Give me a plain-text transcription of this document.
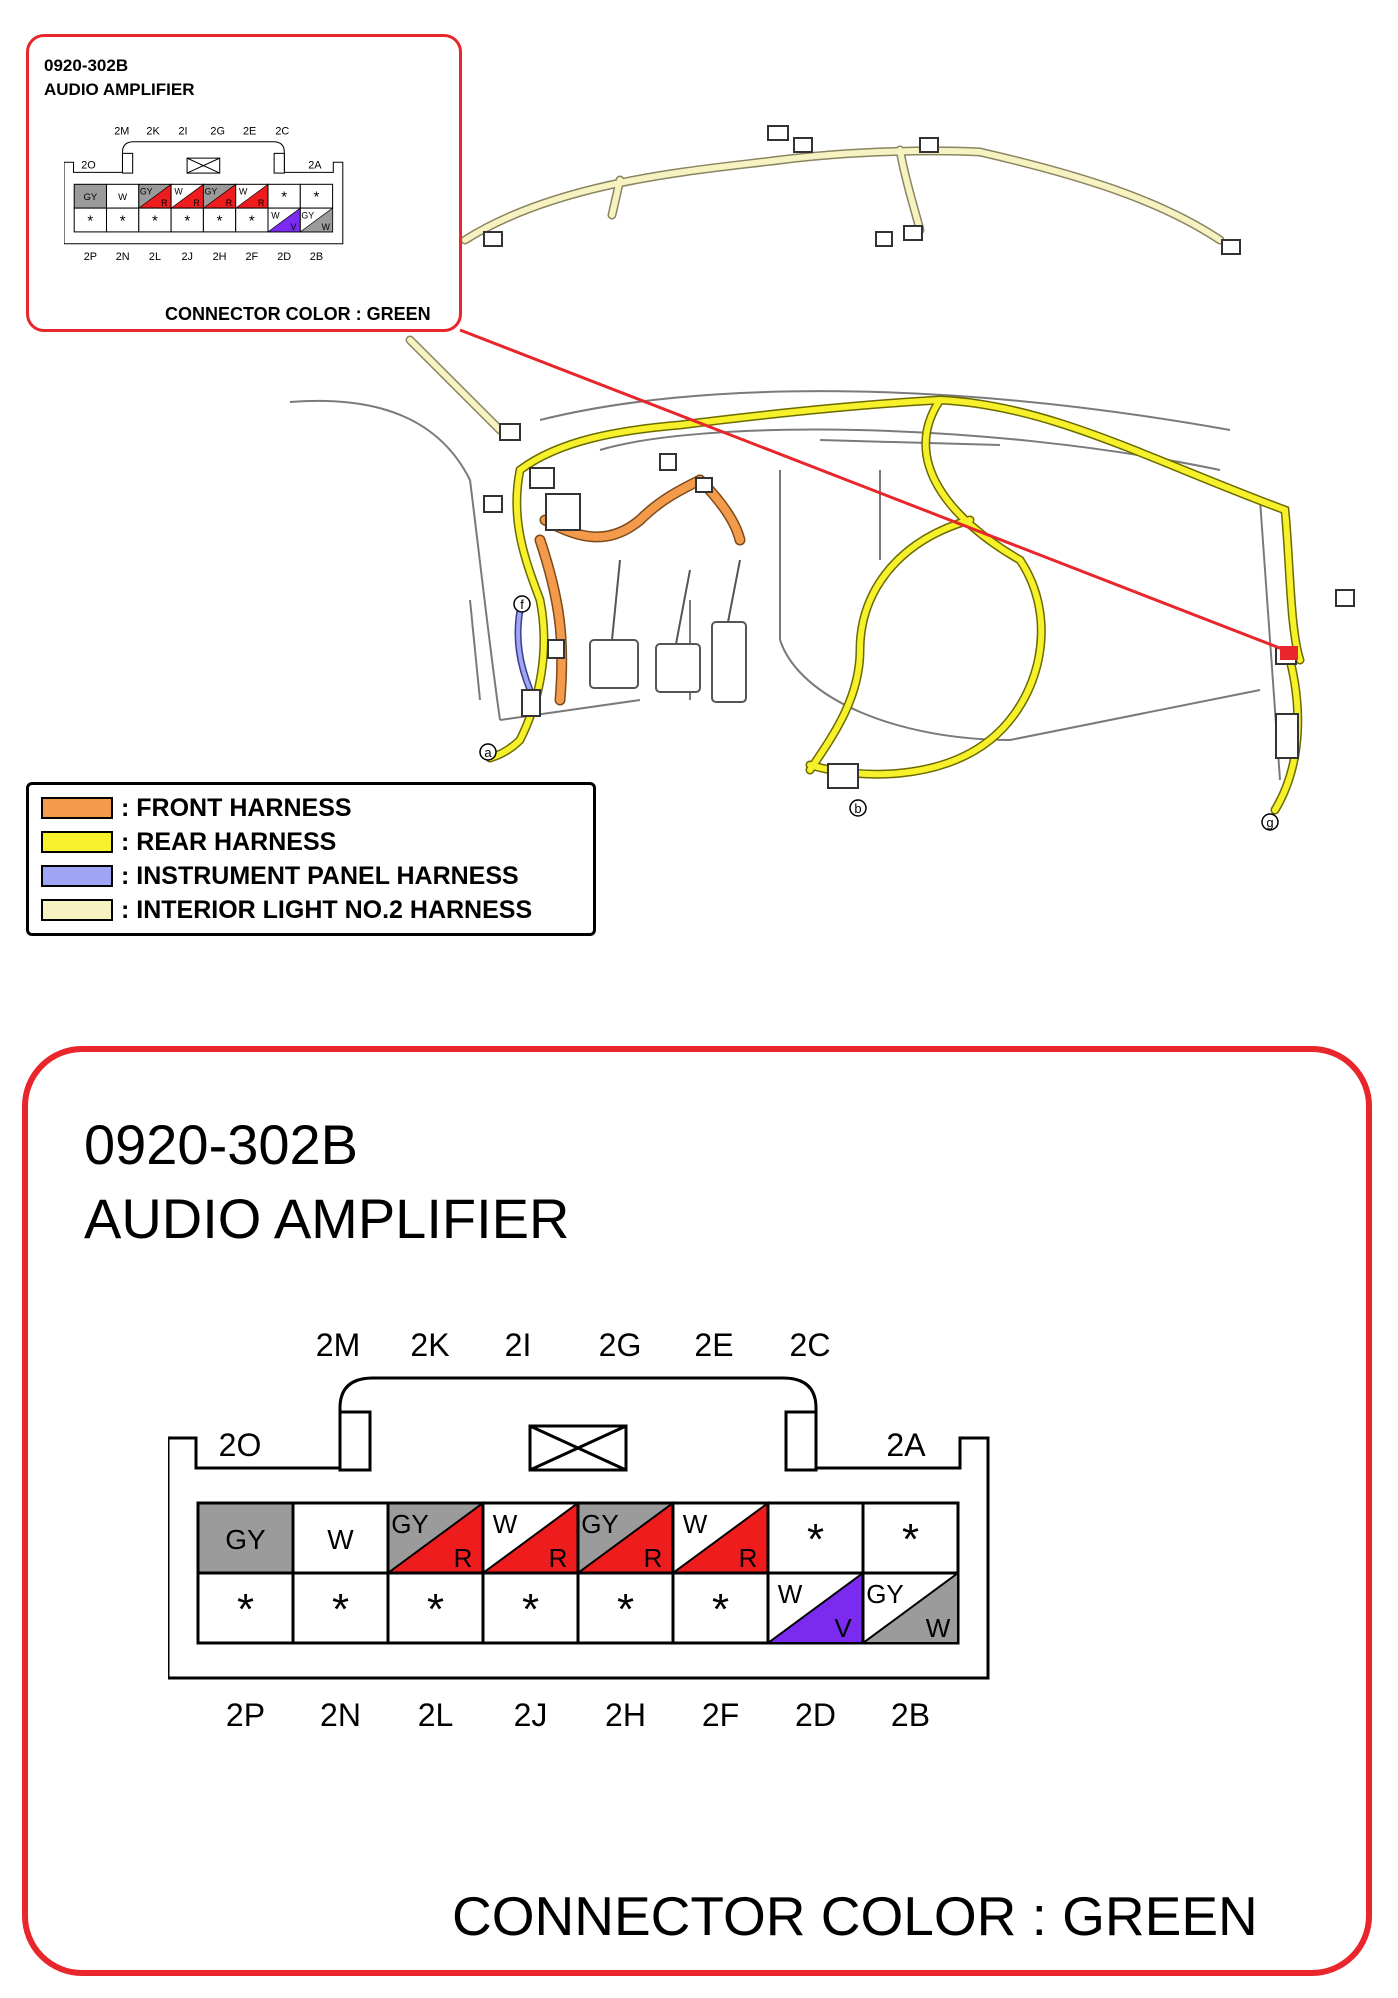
a
b
f
g
0920-302B
AUDIO AMPLIFIER
2M 2K 2I 2G 2E 2C
2O	2A
GY W
GY
R
W
R
GY
R
W
R * *
* * * * * * W
V
GY
W
2P 2N 2L 2J 2H 2F 2D 2B
CONNECTOR COLOR : GREEN
: FRONT HARNESS
: REAR HARNESS
: INSTRUMENT PANEL HARNESS
: INTERIOR LIGHT NO.2 HARNESS
0920-302B
AUDIO AMPLIFIER
2M 2K 2I 2G 2E 2C
2O	2A
GY W GY
R
W
R
GY
R
W
R * *
* * * * * * W
V
GY
W
2P 2N 2L 2J 2H 2F 2D 2B
CONNECTOR COLOR : GREEN
